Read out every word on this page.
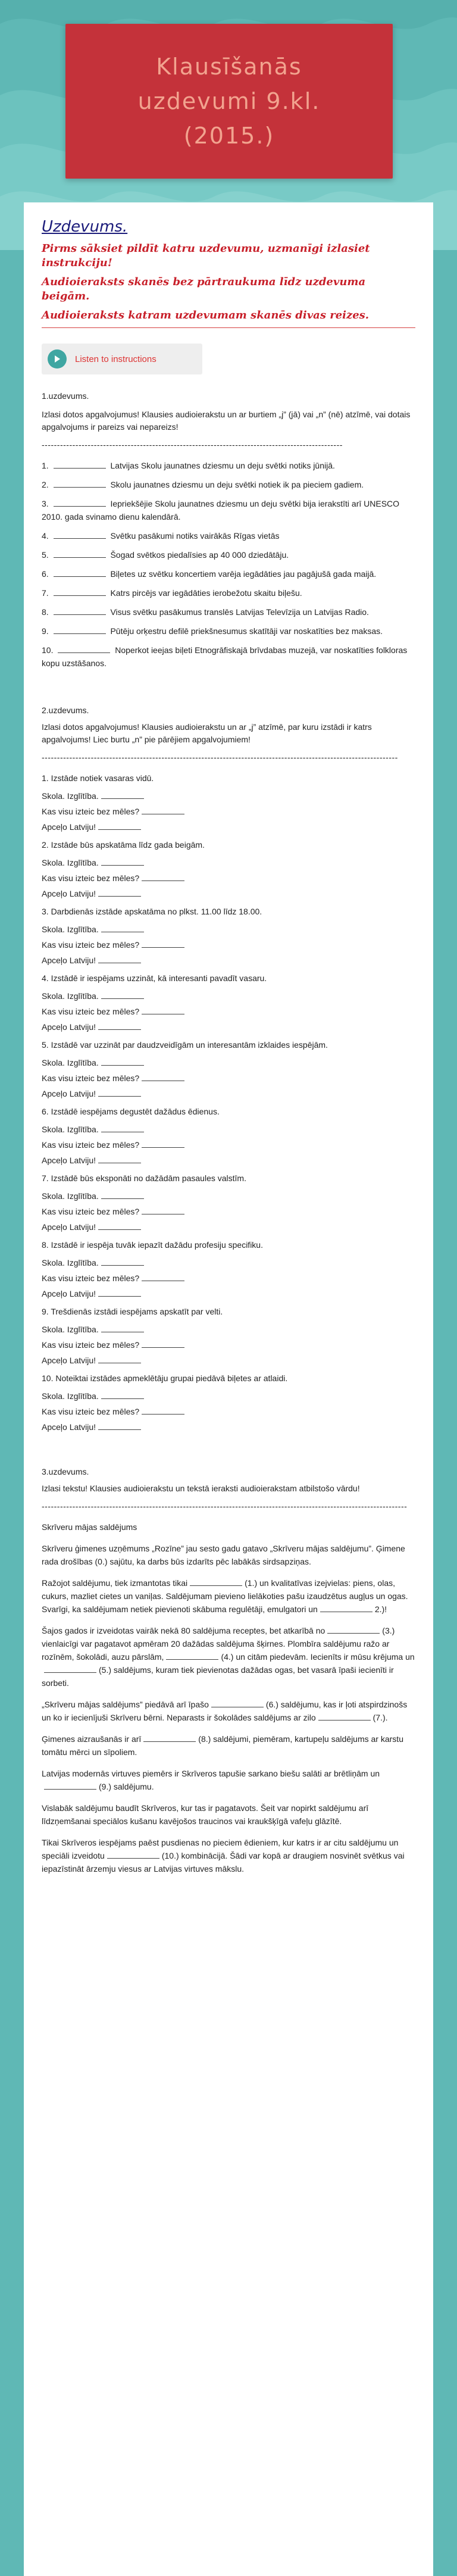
Klausīšanās
uzdevumi 9.kl.
(2015.)
Uzdevums.
Pirms sāksiet pildīt katru uzdevumu, uzmanīgi izlasiet instrukciju!
Audioieraksts skanēs bez pārtraukuma līdz uzdevuma beigām.
Audioieraksts katram uzdevumam skanēs divas reizes.
Listen to instructions
1.uzdevums.
Izlasi dotos apgalvojumus! Klausies audioierakstu un ar burtiem „j” (jā) vai „n” (nē) atzīmē, vai dotais apgalvojums ir pareizs vai nepareizs!
--------------------------------------------------------------------------------------------------
1.	Latvijas Skolu jaunatnes dziesmu un deju svētki notiks jūnijā.
2.	Skolu jaunatnes dziesmu un deju svētki notiek ik pa pieciem gadiem.
3.	Iepriekšējie Skolu jaunatnes dziesmu un deju svētki bija ierakstīti arī UNESCO 2010. gada svinamo dienu kalendārā.
4.	Svētku pasākumi notiks vairākās Rīgas vietās
5.	Šogad svētkos piedalīsies ap 40 000 dziedātāju.
6.	Biļetes uz svētku koncertiem varēja iegādāties jau pagājušā gada maijā.
7.	Katrs pircējs var iegādāties ierobežotu skaitu biļešu.
8.	Visus svētku pasākumus translēs Latvijas Televīzija un Latvijas Radio.
9.	Pūtēju orķestru defilē priekšnesumus skatītāji var noskatīties bez maksas.
10.	Noperkot ieejas biļeti Etnogrāfiskajā brīvdabas muzejā, var noskatīties folkloras kopu uzstāšanos.
2.uzdevums.
Izlasi dotos apgalvojumus! Klausies audioierakstu un ar „j” atzīmē, par kuru izstādi ir katrs apgalvojums! Liec burtu „n” pie pārējiem apgalvojumiem!
--------------------------------------------------------------------------------------------------------------------
1. Izstāde notiek vasaras vidū.
Skola. Izglītība.
Kas visu izteic bez mēles?
Apceļo Latviju!
2. Izstāde būs apskatāma līdz gada beigām.
Skola. Izglītība.
Kas visu izteic bez mēles?
Apceļo Latviju!
3. Darbdienās izstāde apskatāma no plkst. 11.00 līdz 18.00.
Skola. Izglītība.
Kas visu izteic bez mēles?
Apceļo Latviju!
4. Izstādē ir iespējams uzzināt, kā interesanti pavadīt vasaru.
Skola. Izglītība.
Kas visu izteic bez mēles?
Apceļo Latviju!
5. Izstādē var uzzināt par daudzveidīgām un interesantām izklaides iespējām.
Skola. Izglītība.
Kas visu izteic bez mēles?
Apceļo Latviju!
6. Izstādē iespējams degustēt dažādus ēdienus.
Skola. Izglītība.
Kas visu izteic bez mēles?
Apceļo Latviju!
7. Izstādē būs eksponāti no dažādām pasaules valstīm.
Skola. Izglītība.
Kas visu izteic bez mēles?
Apceļo Latviju!
8. Izstādē ir iespēja tuvāk iepazīt dažādu profesiju specifiku.
Skola. Izglītība.
Kas visu izteic bez mēles?
Apceļo Latviju!
9. Trešdienās izstādi iespējams apskatīt par velti.
Skola. Izglītība.
Kas visu izteic bez mēles?
Apceļo Latviju!
10. Noteiktai izstādes apmeklētāju grupai piedāvā biļetes ar atlaidi.
Skola. Izglītība.
Kas visu izteic bez mēles?
Apceļo Latviju!
3.uzdevums.
Izlasi tekstu! Klausies audioierakstu un tekstā ieraksti audioierakstam atbilstošo vārdu!
-----------------------------------------------------------------------------------------------------------------------
Skrīveru mājas saldējums
Skrīveru ģimenes uzņēmums „Rozīne” jau sesto gadu gatavo „Skrīveru mājas saldējumu”. Ģimene rada drošības (0.) sajūtu, ka darbs būs izdarīts pēc labākās sirdsapziņas.
Ražojot saldējumu, tiek izmantotas tikai	(1.) un kvalitatīvas izejvielas: piens, olas, cukurs, mazliet cietes un vaniļas. Saldējumam pievieno lielākoties pašu izaudzētus augļus un ogas. Svarīgi, ka saldējumam netiek pievienoti skābuma regulētāji, emulgatori un	2.)!
Šajos gados ir izveidotas vairāk nekā 80 saldējuma receptes, bet atkarībā no	(3.) vienlaicīgi var pagatavot apmēram 20 dažādas saldējuma šķirnes. Plombīra saldējumu ražo ar rozīnēm, šokolādi, auzu pārslām,	(4.) un citām piedevām. Iecienīts ir mūsu krējuma un(5.) saldējums, kuram tiek pievienotas dažādas ogas, bet vasarā īpaši iecienīti ir sorbeti.
„Skrīveru mājas saldējums” piedāvā arī īpašo	(6.) saldējumu, kas ir ļoti atspirdzinošs un ko ir iecienījuši Skrīveru bērni. Neparasts ir šokolādes saldējums ar zilo	(7.).
Ģimenes aizraušanās ir arī	(8.) saldējumi, piemēram, kartupeļu saldējums ar karstu tomātu mērci un sīpoliem.
Latvijas modernās virtuves piemērs ir Skrīveros tapušie sarkano biešu salāti ar brētliņām un(9.) saldējumu.
Vislabāk saldējumu baudīt Skrīveros, kur tas ir pagatavots. Šeit var nopirkt saldējumu arī līdzņemšanai speciālos kušanu kavējošos traucinos vai kraukšķīgā vafeļu glāzītē.
Tikai Skrīveros iespējams paēst pusdienas no pieciem ēdieniem, kur katrs ir ar citu saldējumu un speciāli izveidotu	(10.) kombinācijā. Šādi var kopā ar draugiem nosvinēt svētkus vai iepazīstināt ārzemju viesus ar Latvijas virtuves mākslu.
